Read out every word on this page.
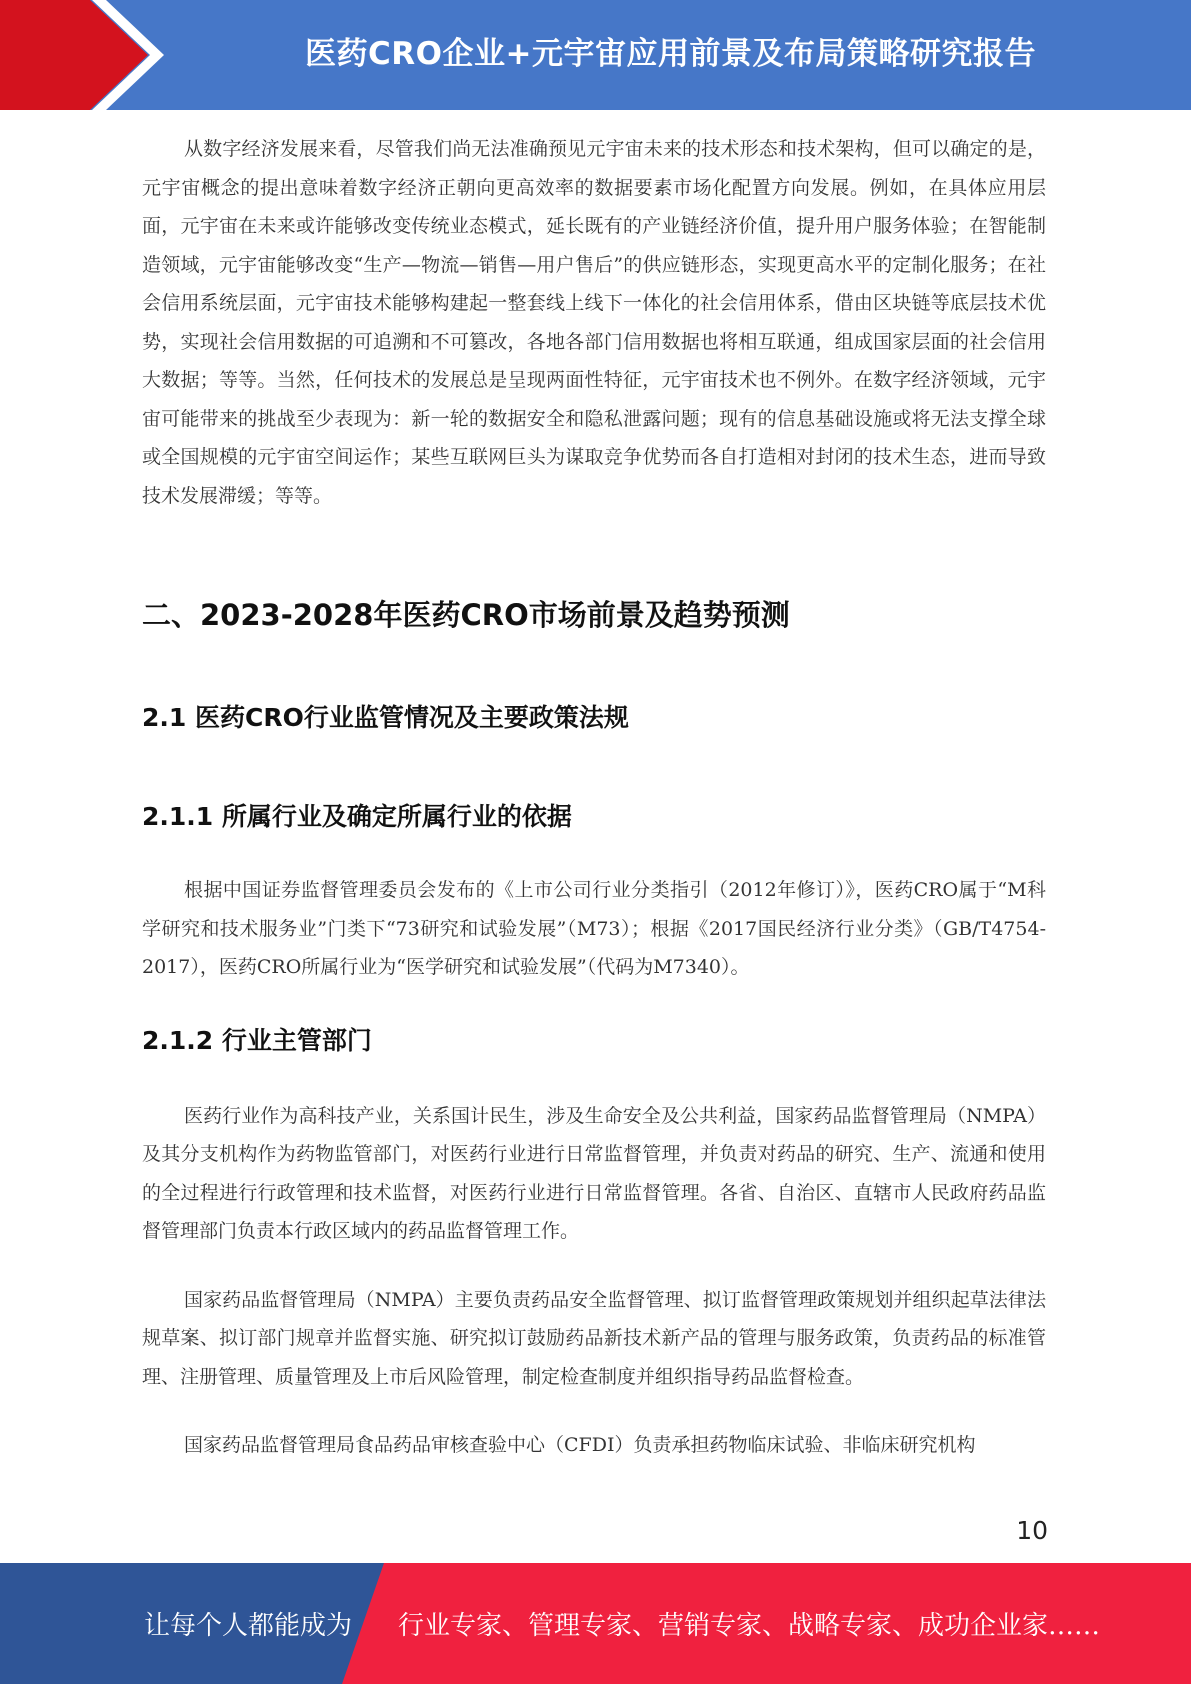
医药CRO企业+元宇宙应用前景及布局策略研究报告

从数字经济发展来看，尽管我们尚无法准确预见元宇宙未来的技术形态和技术架构，但可以确定的是，元宇宙概念的提出意味着数字经济正朝向更高效率的数据要素市场化配置方向发展。例如，在具体应用层面，元宇宙在未来或许能够改变传统业态模式，延长既有的产业链经济价值，提升用户服务体验；在智能制造领域，元宇宙能够改变“生产—物流—销售—用户售后”的供应链形态，实现更高水平的定制化服务；在社会信用系统层面，元宇宙技术能够构建起一整套线上线下一体化的社会信用体系，借由区块链等底层技术优势，实现社会信用数据的可追溯和不可篡改，各地各部门信用数据也将相互联通，组成国家层面的社会信用大数据；等等。当然，任何技术的发展总是呈现两面性特征，元宇宙技术也不例外。在数字经济领域，元宇宙可能带来的挑战至少表现为：新一轮的数据安全和隐私泄露问题；现有的信息基础设施或将无法支撑全球或全国规模的元宇宙空间运作；某些互联网巨头为谋取竞争优势而各自打造相对封闭的技术生态，进而导致技术发展滞缓；等等。

二、2023-2028年医药CRO市场前景及趋势预测
2.1 医药CRO行业监管情况及主要政策法规
2.1.1 所属行业及确定所属行业的依据

根据中国证券监督管理委员会发布的《上市公司行业分类指引（2012年修订）》，医药CRO属于“M科学研究和技术服务业”门类下“73研究和试验发展”（M73）；根据《2017国民经济行业分类》（GB/T4754-2017），医药CRO所属行业为“医学研究和试验发展”（代码为M7340）。

2.1.2 行业主管部门

医药行业作为高科技产业，关系国计民生，涉及生命安全及公共利益，国家药品监督管理局（NMPA）及其分支机构作为药物监管部门，对医药行业进行日常监督管理，并负责对药品的研究、生产、流通和使用的全过程进行行政管理和技术监督，对医药行业进行日常监督管理。各省、自治区、直辖市人民政府药品监督管理部门负责本行政区域内的药品监督管理工作。

国家药品监督管理局（NMPA）主要负责药品安全监督管理、拟订监督管理政策规划并组织起草法律法规草案、拟订部门规章并监督实施、研究拟订鼓励药品新技术新产品的管理与服务政策，负责药品的标准管理、注册管理、质量管理及上市后风险管理，制定检查制度并组织指导药品监督检查。

国家药品监督管理局食品药品审核查验中心（CFDI）负责承担药物临床试验、非临床研究机构

10
让每个人都能成为 行业专家、管理专家、营销专家、战略专家、成功企业家……
